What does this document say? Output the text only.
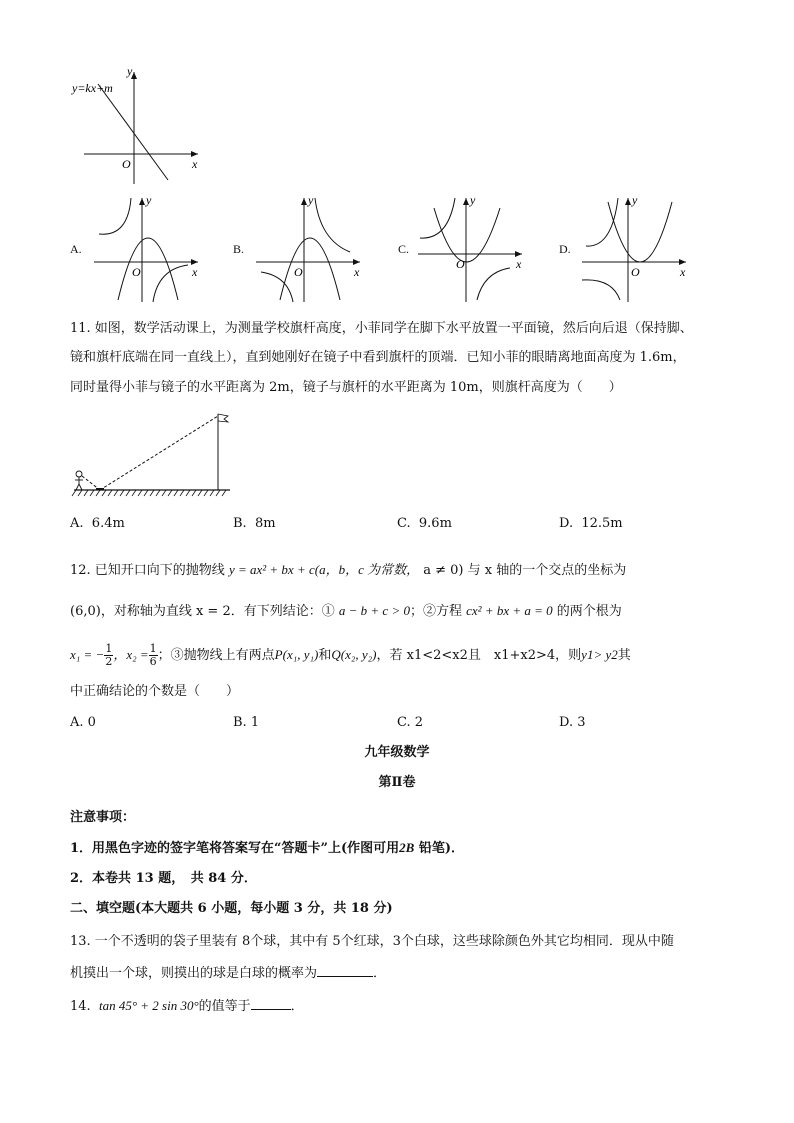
y=kx+m
y
x
O
A.
y
x
O
B.
y
x
O
C.
y
x
O
D.
y
x
O
11. 如图，数学活动课上，为测量学校旗杆高度，小菲同学在脚下水平放置一平面镜，然后向后退（保持脚、
镜和旗杆底端在同一直线上），直到她刚好在镜子中看到旗杆的顶端．已知小菲的眼睛离地面高度为 1.6m，
同时量得小菲与镜子的水平距离为 2m，镜子与旗杆的水平距离为 10m，则旗杆高度为（　　）
A. 6.4m	B. 8m	C. 9.6m	D. 12.5m
12. 已知开口向下的抛物线 y = ax² + bx + c(a，b，c 为常数， a ≠ 0) 与 x 轴的一个交点的坐标为
(6,0)，对称轴为直线 x = 2．有下列结论：① a − b + c > 0；②方程 cx² + bx + a = 0 的两个根为
x₁ = − $\frac{1}{2}$ ，$x_2 = \frac{1}{6}$ ；③抛物线上有两点P(x₁, y₁)和Q(x₂, y₂)，若 x1<2<x2且　x1+x2>4，则y1> y2其
中正确结论的个数是（　　）
A. 0	B. 1	C. 2	D. 3
九年级数学
第Ⅱ卷
注意事项：
1．用黑色字迹的签字笔将答案写在“答题卡”上(作图可用2B 铅笔)．
2．本卷共 13 题，　共 84 分．
二、填空题(本大题共 6 小题，每小题 3 分，共 18 分)
13. 一个不透明的袋子里装有 8个球，其中有 5个红球，3个白球，这些球除颜色外其它均相同．现从中随
机摸出一个球，则摸出的球是白球的概率为	．
14. tan 45° + 2 sin 30°的值等于	．
